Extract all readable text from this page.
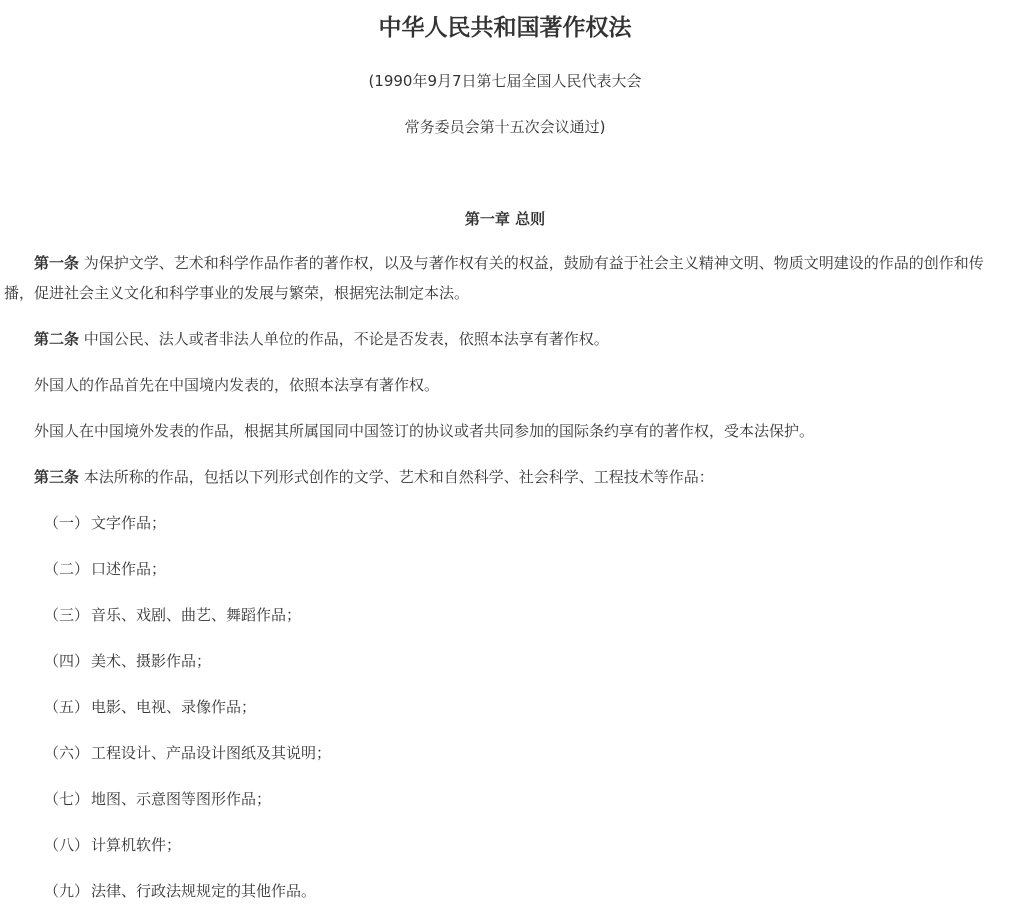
中华人民共和国著作权法

(1990年9月7日第七届全国人民代表大会

常务委员会第十五次会议通过)

第一章 总则

第一条 为保护文学、艺术和科学作品作者的著作权，以及与著作权有关的权益，鼓励有益于社会主义精神文明、物质文明建设的作品的创作和传播，促进社会主义文化和科学事业的发展与繁荣，根据宪法制定本法。

第二条 中国公民、法人或者非法人单位的作品，不论是否发表，依照本法享有著作权。

外国人的作品首先在中国境内发表的，依照本法享有著作权。

外国人在中国境外发表的作品，根据其所属国同中国签订的协议或者共同参加的国际条约享有的著作权，受本法保护。

第三条 本法所称的作品，包括以下列形式创作的文学、艺术和自然科学、社会科学、工程技术等作品：

（一） 文字作品；

（二） 口述作品；

（三） 音乐、戏剧、曲艺、舞蹈作品；

（四） 美术、摄影作品；

（五） 电影、电视、录像作品；

（六） 工程设计、产品设计图纸及其说明；

（七） 地图、示意图等图形作品；

（八） 计算机软件；

（九） 法律、行政法规规定的其他作品。
